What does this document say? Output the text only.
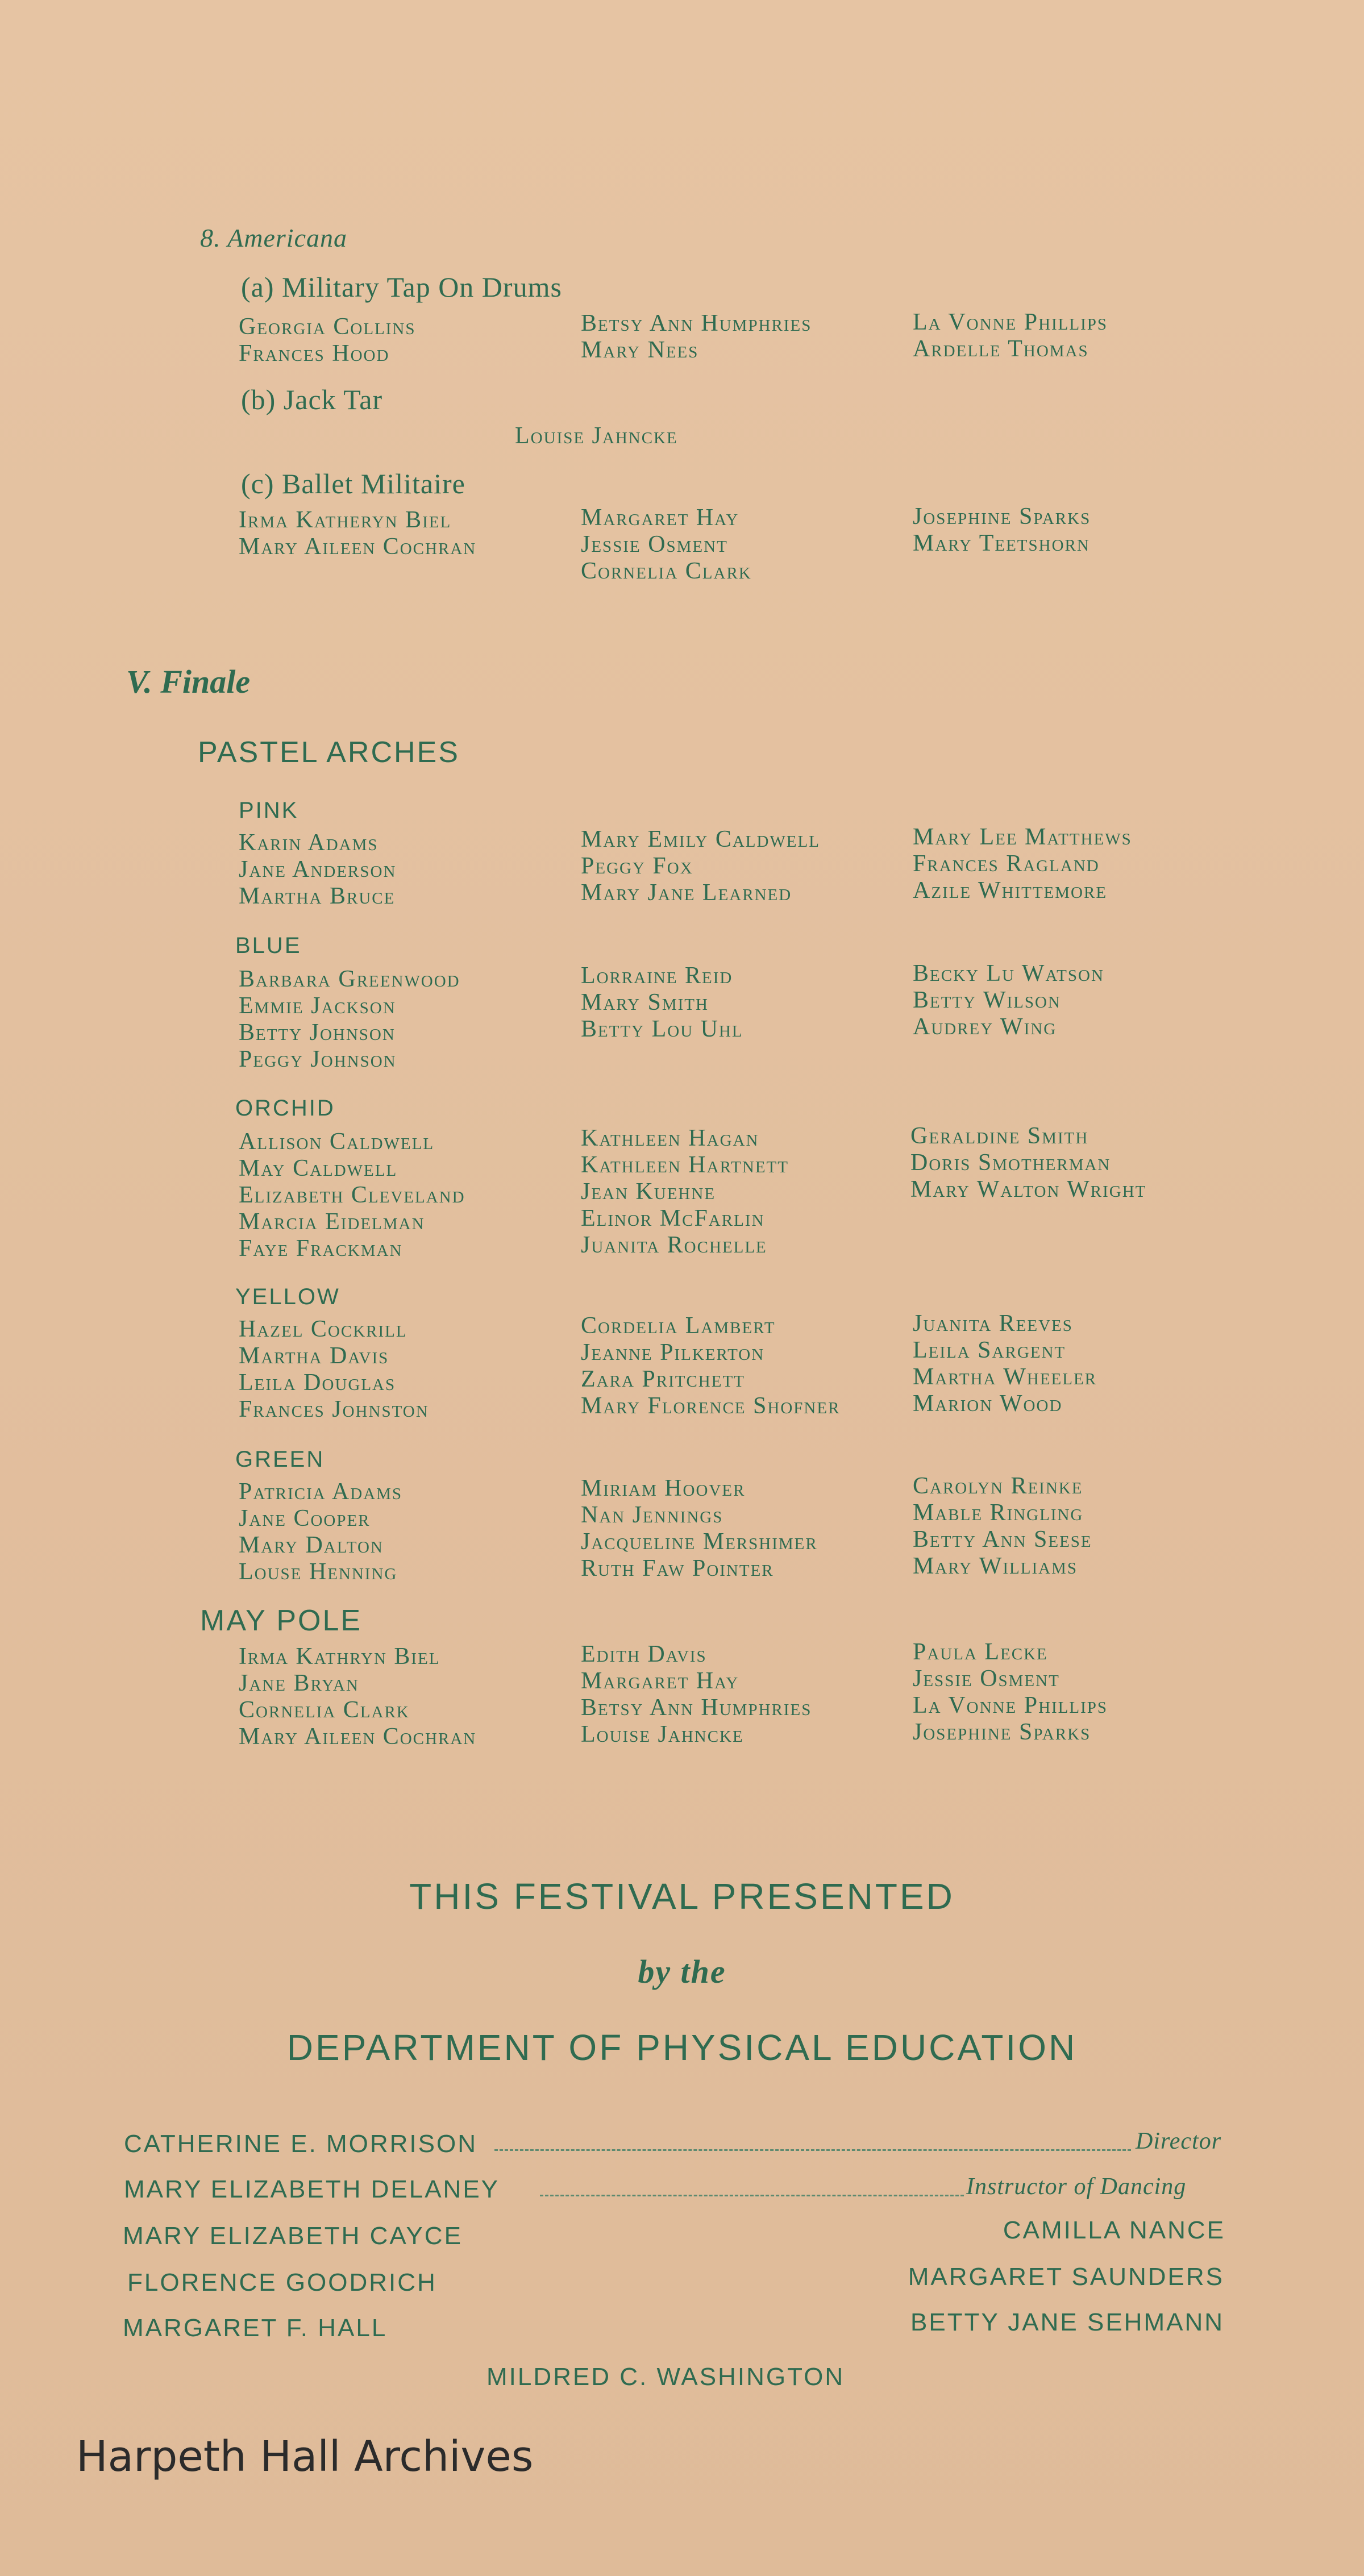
8. Americana
(a) Military Tap On Drums
Georgia Collins
Frances Hood
Betsy Ann Humphries
Mary Nees
La Vonne Phillips
Ardelle Thomas
(b) Jack Tar
Louise Jahncke
(c) Ballet Militaire
Irma Katheryn Biel
Mary Aileen Cochran
Margaret Hay
Jessie Osment
Cornelia Clark
Josephine Sparks
Mary Teetshorn
V. Finale
PASTEL ARCHES
PINK
Karin Adams
Jane Anderson
Martha Bruce
Mary Emily Caldwell
Peggy Fox
Mary Jane Learned
Mary Lee Matthews
Frances Ragland
Azile Whittemore
BLUE
Barbara Greenwood
Emmie Jackson
Betty Johnson
Peggy Johnson
Lorraine Reid
Mary Smith
Betty Lou Uhl
Becky Lu Watson
Betty Wilson
Audrey Wing
ORCHID
Allison Caldwell
May Caldwell
Elizabeth Cleveland
Marcia Eidelman
Faye Frackman
Kathleen Hagan
Kathleen Hartnett
Jean Kuehne
Elinor McFarlin
Juanita Rochelle
Geraldine Smith
Doris Smotherman
Mary Walton Wright
YELLOW
Hazel Cockrill
Martha Davis
Leila Douglas
Frances Johnston
Cordelia Lambert
Jeanne Pilkerton
Zara Pritchett
Mary Florence Shofner
Juanita Reeves
Leila Sargent
Martha Wheeler
Marion Wood
GREEN
Patricia Adams
Jane Cooper
Mary Dalton
Louse Henning
Miriam Hoover
Nan Jennings
Jacqueline Mershimer
Ruth Faw Pointer
Carolyn Reinke
Mable Ringling
Betty Ann Seese
Mary Williams
MAY POLE
Irma Kathryn Biel
Jane Bryan
Cornelia Clark
Mary Aileen Cochran
Edith Davis
Margaret Hay
Betsy Ann Humphries
Louise Jahncke
Paula Lecke
Jessie Osment
La Vonne Phillips
Josephine Sparks
THIS FESTIVAL PRESENTED
by the
DEPARTMENT OF PHYSICAL EDUCATION
CATHERINE E. MORRISON	Director
MARY ELIZABETH DELANEY	Instructor of Dancing
MARY ELIZABETH CAYCE
FLORENCE GOODRICH
MARGARET F. HALL
CAMILLA NANCE
MARGARET SAUNDERS
BETTY JANE SEHMANN
MILDRED C. WASHINGTON
Harpeth Hall Archives
